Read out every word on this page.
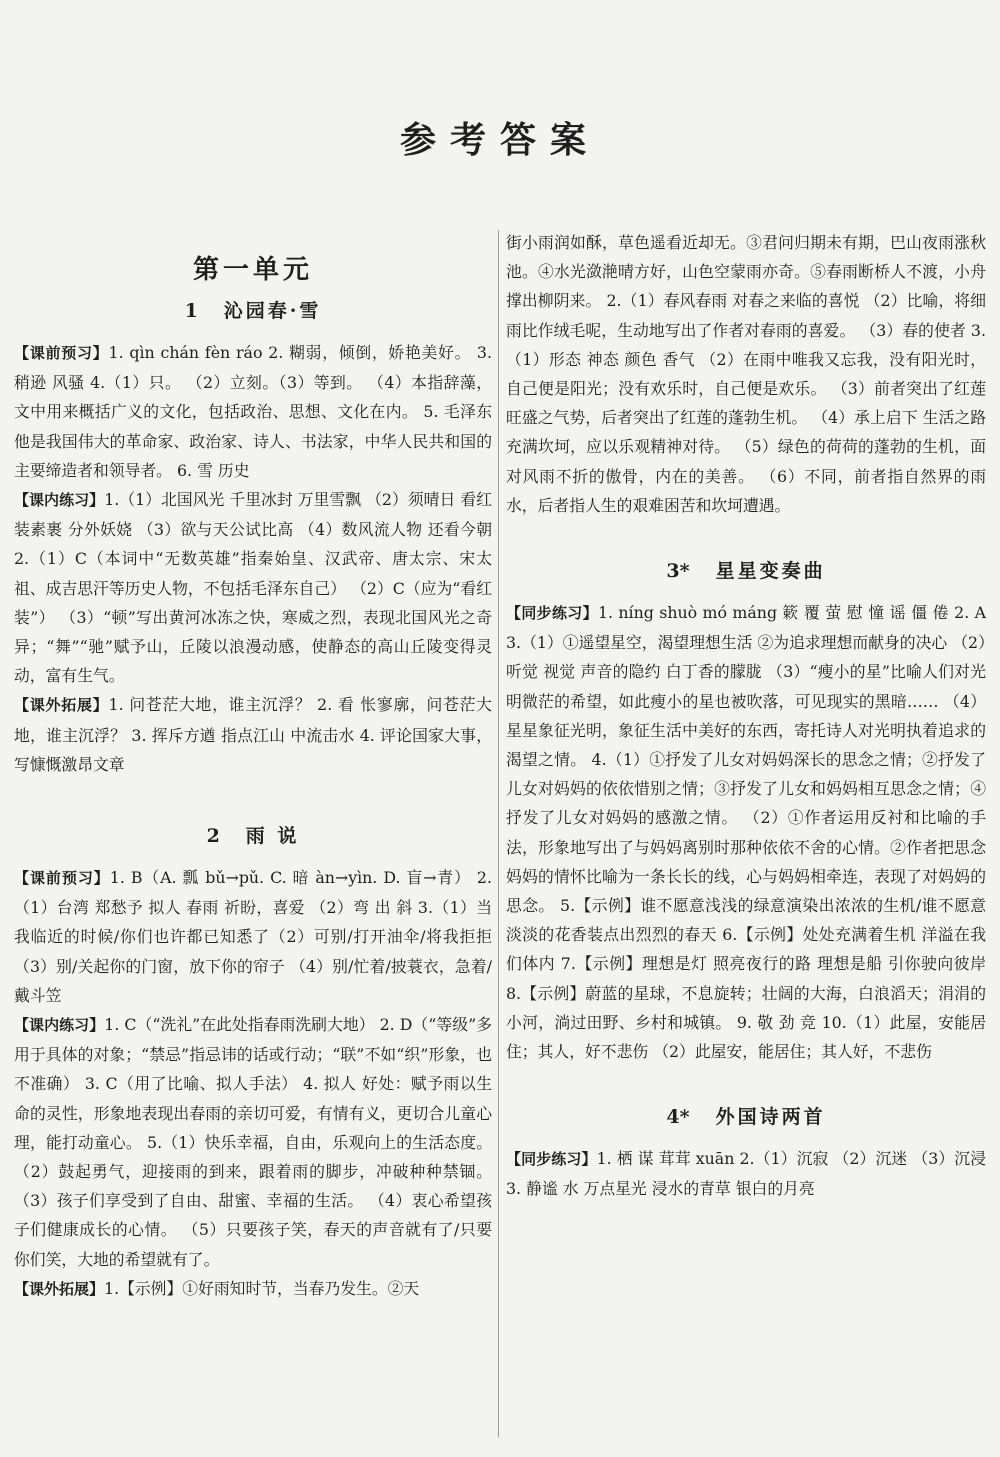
参考答案
第一单元
1 沁园春·雪

【课前预习】1. qìn chán fèn ráo 2. 糊弱，倾倒，娇艳美好。 3. 稍逊 风骚 4.（1）只。 （2）立刻。（3）等到。 （4）本指辞藻，文中用来概括广义的文化，包括政治、思想、文化在内。 5. 毛泽东 他是我国伟大的革命家、政治家、诗人、书法家，中华人民共和国的主要缔造者和领导者。 6. 雪 历史

【课内练习】1.（1）北国风光 千里冰封 万里雪飘 （2）须晴日 看红装素裹 分外妖娆 （3）欲与天公试比高 （4）数风流人物 还看今朝 2.（1）C（本词中“无数英雄”指秦始皇、汉武帝、唐太宗、宋太祖、成吉思汗等历史人物，不包括毛泽东自己） （2）C（应为“看红装”） （3）“顿”写出黄河冰冻之快，寒威之烈，表现北国风光之奇异；“舞”“驰”赋予山，丘陵以浪漫动感，使静态的高山丘陵变得灵动，富有生气。

【课外拓展】1. 问苍茫大地，谁主沉浮？ 2. 看 怅寥廓，问苍茫大地，谁主沉浮？ 3. 挥斥方遒 指点江山 中流击水 4. 评论国家大事，写慷慨激昂文章

2 雨 说

【课前预习】1. B（A. 瓢 bǔ→pǔ. C. 暗 àn→yìn. D. 盲→青） 2.（1）台湾 郑愁予 拟人 春雨 祈盼，喜爱 （2）弯 出 斜 3.（1）当我临近的时候/你们也许都已知悉了（2）可别/打开油伞/将我拒拒 （3）别/关起你的门窗，放下你的帘子 （4）别/忙着/披蓑衣，急着/戴斗笠

【课内练习】1. C（“洗礼”在此处指春雨洗刷大地） 2. D（“等级”多用于具体的对象；“禁忌”指忌讳的话或行动；“联”不如“织”形象，也不准确） 3. C（用了比喻、拟人手法） 4. 拟人 好处：赋予雨以生命的灵性，形象地表现出春雨的亲切可爱，有情有义，更切合儿童心理，能打动童心。 5.（1）快乐幸福，自由，乐观向上的生活态度。 （2）鼓起勇气，迎接雨的到来，跟着雨的脚步，冲破种种禁锢。 （3）孩子们享受到了自由、甜蜜、幸福的生活。 （4）衷心希望孩子们健康成长的心情。 （5）只要孩子笑，春天的声音就有了/只要你们笑，大地的希望就有了。

【课外拓展】1.【示例】①好雨知时节，当春乃发生。②天

街小雨润如酥，草色遥看近却无。③君问归期未有期，巴山夜雨涨秋池。④水光潋滟晴方好，山色空蒙雨亦奇。⑤春雨断桥人不渡，小舟撑出柳阴来。 2.（1）春风春雨 对春之来临的喜悦 （2）比喻，将细雨比作绒毛呢，生动地写出了作者对春雨的喜爱。 （3）春的使者 3.（1）形态 神态 颜色 香气 （2）在雨中唯我又忘我，没有阳光时，自己便是阳光；没有欢乐时，自己便是欢乐。 （3）前者突出了红莲旺盛之气势，后者突出了红莲的蓬勃生机。 （4）承上启下 生活之路充满坎坷，应以乐观精神对待。 （5）绿色的荷荷的蓬勃的生机，面对风雨不折的傲骨，内在的美善。 （6）不同，前者指自然界的雨水，后者指人生的艰难困苦和坎坷遭遇。

3* 星星变奏曲

【同步练习】1. níng shuò mó máng 簌 覆 萤 慰 憧 谣 僵 倦 2. A 3.（1）①遥望星空，渴望理想生活 ②为追求理想而献身的决心 （2）听觉 视觉 声音的隐约 白丁香的朦胧 （3）“瘦小的星”比喻人们对光明微茫的希望，如此瘦小的星也被吹落，可见现实的黑暗…… （4）星星象征光明，象征生活中美好的东西，寄托诗人对光明执着追求的渴望之情。 4.（1）①抒发了儿女对妈妈深长的思念之情；②抒发了儿女对妈妈的依依惜别之情；③抒发了儿女和妈妈相互思念之情；④抒发了儿女对妈妈的感激之情。 （2）①作者运用反衬和比喻的手法，形象地写出了与妈妈离别时那种依依不舍的心情。②作者把思念妈妈的情怀比喻为一条长长的线，心与妈妈相牵连，表现了对妈妈的思念。 5.【示例】谁不愿意浅浅的绿意演染出浓浓的生机/谁不愿意淡淡的花香装点出烈烈的春天 6.【示例】处处充满着生机 洋溢在我们体内 7.【示例】理想是灯 照亮夜行的路 理想是船 引你驶向彼岸 8.【示例】蔚蓝的星球，不息旋转；壮阔的大海，白浪滔天；涓涓的小河，淌过田野、乡村和城镇。 9. 敬 劲 竞 10.（1）此屋，安能居住；其人，好不悲伤 （2）此屋安，能居住；其人好，不悲伤

4* 外国诗两首

【同步练习】1. 栖 谋 茸茸 xuān 2.（1）沉寂 （2）沉迷 （3）沉浸 3. 静谧 水 万点星光 浸水的青草 银白的月亮
